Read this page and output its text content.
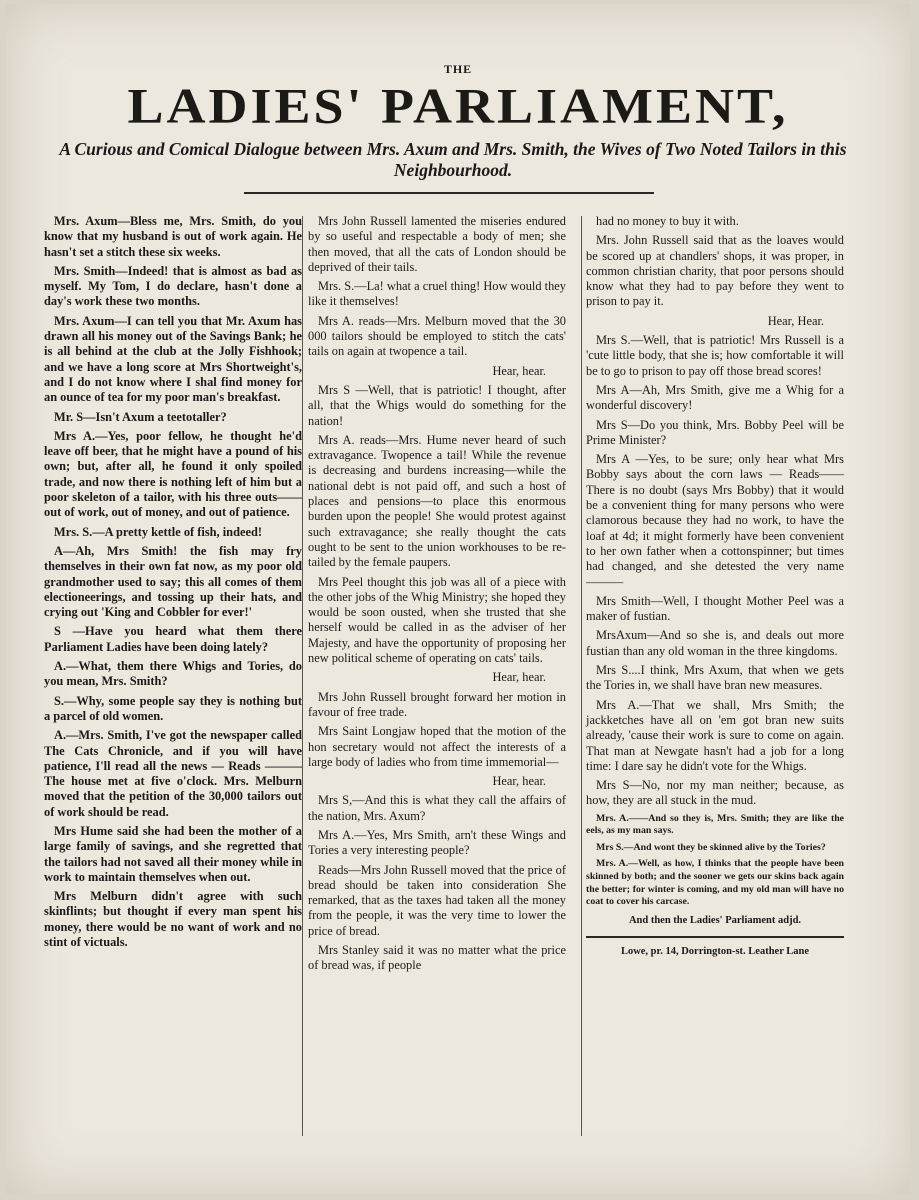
THE
LADIES' PARLIAMENT,
A Curious and Comical Dialogue between Mrs. Axum and Mrs. Smith, the Wives of Two Noted Tailors in this Neighbourhood.

Mrs. Axum—Bless me, Mrs. Smith, do you know that my husband is out of work again. He hasn't set a stitch these six weeks.

Mrs. Smith—Indeed! that is almost as bad as myself. My Tom, I do declare, hasn't done a day's work these two months.

Mrs. Axum—I can tell you that Mr. Axum has drawn all his money out of the Savings Bank; he is all behind at the club at the Jolly Fishhook; and we have a long score at Mrs Shortweight's, and I do not know where I shal find money for an ounce of tea for my poor man's breakfast.

Mr. S—Isn't Axum a teetotaller?

Mrs A.—Yes, poor fellow, he thought he'd leave off beer, that he might have a pound of his own; but, after all, he found it only spoiled trade, and now there is nothing left of him but a poor skeleton of a tailor, with his three outs——out of work, out of money, and out of patience.

Mrs. S.—A pretty kettle of fish, indeed!

A—Ah, Mrs Smith! the fish may fry themselves in their own fat now, as my poor old grandmother used to say; this all comes of them electioneerings, and tossing up their hats, and crying out 'King and Cobbler for ever!'

S —Have you heard what them there Parliament Ladies have been doing lately?

A.—What, them there Whigs and Tories, do you mean, Mrs. Smith?

S.—Why, some people say they is nothing but a parcel of old women.

A.—Mrs. Smith, I've got the newspaper called The Cats Chronicle, and if you will have patience, I'll read all the news — Reads ——— The house met at five o'clock. Mrs. Melburn moved that the petition of the 30,000 tailors out of work should be read.

Mrs Hume said she had been the mother of a large family of savings, and she regretted that the tailors had not saved all their money while in work to maintain themselves when out.

Mrs Melburn didn't agree with such skinflints; but thought if every man spent his money, there would be no want of work and no stint of victuals.

Mrs John Russell lamented the miseries endured by so useful and respectable a body of men; she then moved, that all the cats of London should be deprived of their tails.

Mrs. S.—La! what a cruel thing! How would they like it themselves!

Mrs A. reads—Mrs. Melburn moved that the 30 000 tailors should be employed to stitch the cats' tails on again at twopence a tail.

Hear, hear.

Mrs S —Well, that is patriotic! I thought, after all, that the Whigs would do something for the nation!

Mrs A. reads—Mrs. Hume never heard of such extravagance. Twopence a tail! While the revenue is decreasing and burdens increasing—while the national debt is not paid off, and such a host of places and pensions—to place this enormous burden upon the people! She would protest against such extravagance; she really thought the cats ought to be sent to the union workhouses to be re-tailed by the female paupers.

Mrs Peel thought this job was all of a piece with the other jobs of the Whig Ministry; she hoped they would be soon ousted, when she trusted that she herself would be called in as the adviser of her Majesty, and have the opportunity of proposing her new political scheme of operating on cats' tails.

Hear, hear.

Mrs John Russell brought forward her motion in favour of free trade.

Mrs Saint Longjaw hoped that the motion of the hon secretary would not affect the interests of a large body of ladies who from time immemorial—

Hear, hear.

Mrs S,—And this is what they call the affairs of the nation, Mrs. Axum?

Mrs A.—Yes, Mrs Smith, arn't these Wings and Tories a very interesting people?

Reads—Mrs John Russell moved that the price of bread should be taken into consideration She remarked, that as the taxes had taken all the money from the people, it was the very time to lower the price of bread.

Mrs Stanley said it was no matter what the price of bread was, if people

had no money to buy it with.

Mrs. John Russell said that as the loaves would be scored up at chandlers' shops, it was proper, in common christian charity, that poor persons should know what they had to pay before they went to prison to pay it.

Hear, Hear.

Mrs S.—Well, that is patriotic! Mrs Russell is a 'cute little body, that she is; how comfortable it will be to go to prison to pay off those bread scores!

Mrs A—Ah, Mrs Smith, give me a Whig for a wonderful discovery!

Mrs S—Do you think, Mrs. Bobby Peel will be Prime Minister?

Mrs A —Yes, to be sure; only hear what Mrs Bobby says about the corn laws — Reads——There is no doubt (says Mrs Bobby) that it would be a convenient thing for many persons who were clamorous because they had no work, to have the loaf at 4d; it might formerly have been convenient to her own father when a cottonspinner; but times had changed, and she detested the very name———

Mrs Smith—Well, I thought Mother Peel was a maker of fustian.

MrsAxum—And so she is, and deals out more fustian than any old woman in the three kingdoms.

Mrs S....I think, Mrs Axum, that when we gets the Tories in, we shall have bran new measures.

Mrs A.—That we shall, Mrs Smith; the jackketches have all on 'em got bran new suits already, 'cause their work is sure to come on again. That man at Newgate hasn't had a job for a long time: I dare say he didn't vote for the Whigs.

Mrs S—No, nor my man neither; because, as how, they are all stuck in the mud.

Mrs. A.——And so they is, Mrs. Smith; they are like the eels, as my man says.

Mrs S.—And wont they be skinned alive by the Tories?

Mrs. A.—Well, as how, I thinks that the people have been skinned by both; and the sooner we gets our skins back again the better; for winter is coming, and my old man will have no coat to cover his carcase.

And then the Ladies' Parliament adjd.

Lowe, pr. 14, Dorrington-st. Leather Lane
